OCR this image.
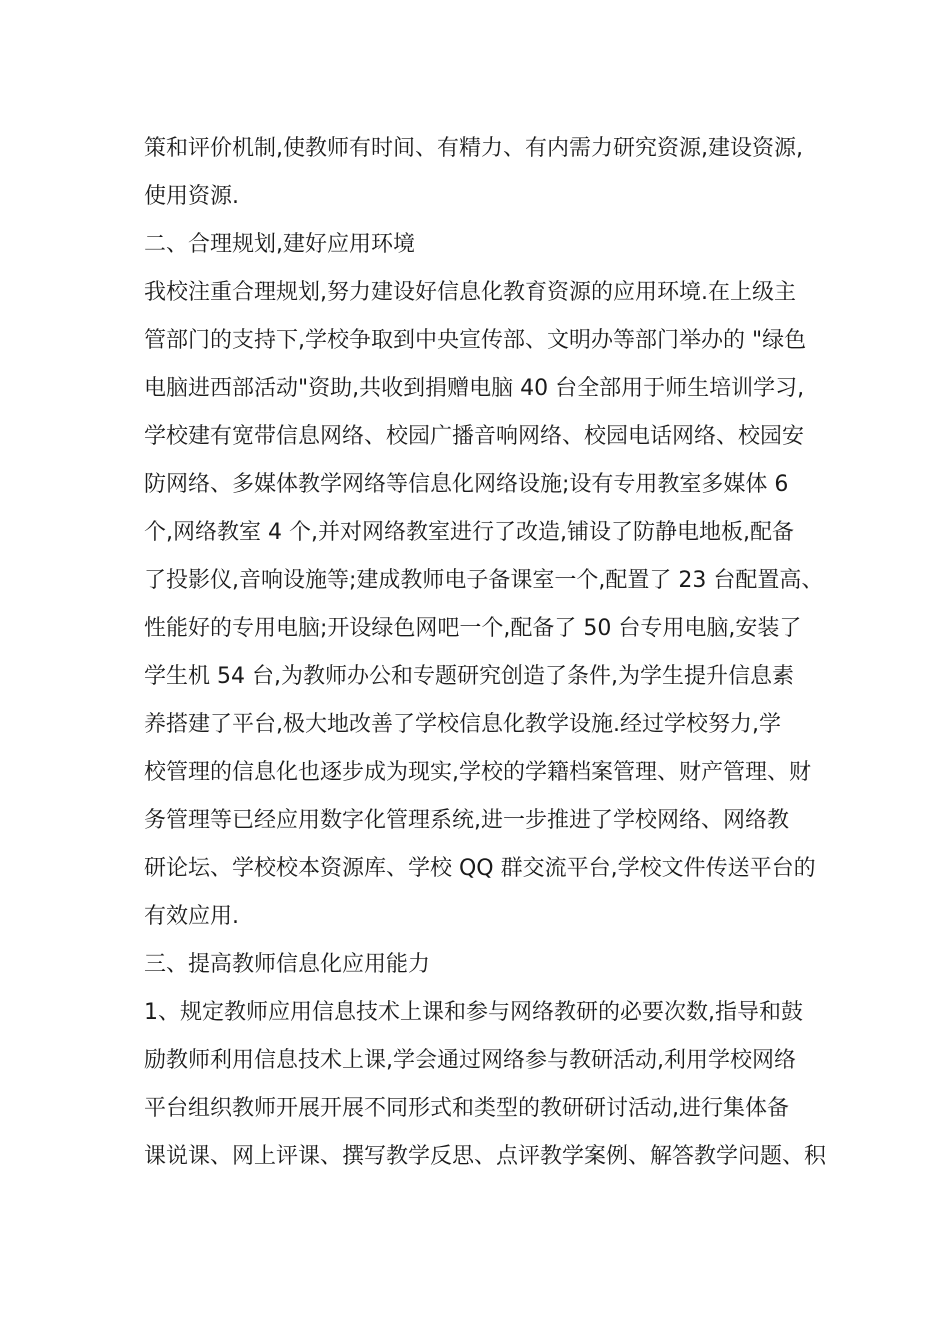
策和评价机制,使教师有时间、有精力、有内需力研究资源,建设资源,
使用资源.
二、合理规划,建好应用环境
我校注重合理规划,努力建设好信息化教育资源的应用环境.在上级主
管部门的支持下,学校争取到中央宣传部、文明办等部门举办的 "绿色
电脑进西部活动"资助,共收到捐赠电脑 40 台全部用于师生培训学习,
学校建有宽带信息网络、校园广播音响网络、校园电话网络、校园安
防网络、多媒体教学网络等信息化网络设施;设有专用教室多媒体 6
个,网络教室 4 个,并对网络教室进行了改造,铺设了防静电地板,配备
了投影仪,音响设施等;建成教师电子备课室一个,配置了 23 台配置高、
性能好的专用电脑;开设绿色网吧一个,配备了 50 台专用电脑,安装了
学生机 54 台,为教师办公和专题研究创造了条件,为学生提升信息素
养搭建了平台,极大地改善了学校信息化教学设施.经过学校努力,学
校管理的信息化也逐步成为现实,学校的学籍档案管理、财产管理、财
务管理等已经应用数字化管理系统,进一步推进了学校网络、网络教
研论坛、学校校本资源库、学校 QQ 群交流平台,学校文件传送平台的
有效应用.
三、提高教师信息化应用能力
1、规定教师应用信息技术上课和参与网络教研的必要次数,指导和鼓
励教师利用信息技术上课,学会通过网络参与教研活动,利用学校网络
平台组织教师开展开展不同形式和类型的教研研讨活动,进行集体备
课说课、网上评课、撰写教学反思、点评教学案例、解答教学问题、积
